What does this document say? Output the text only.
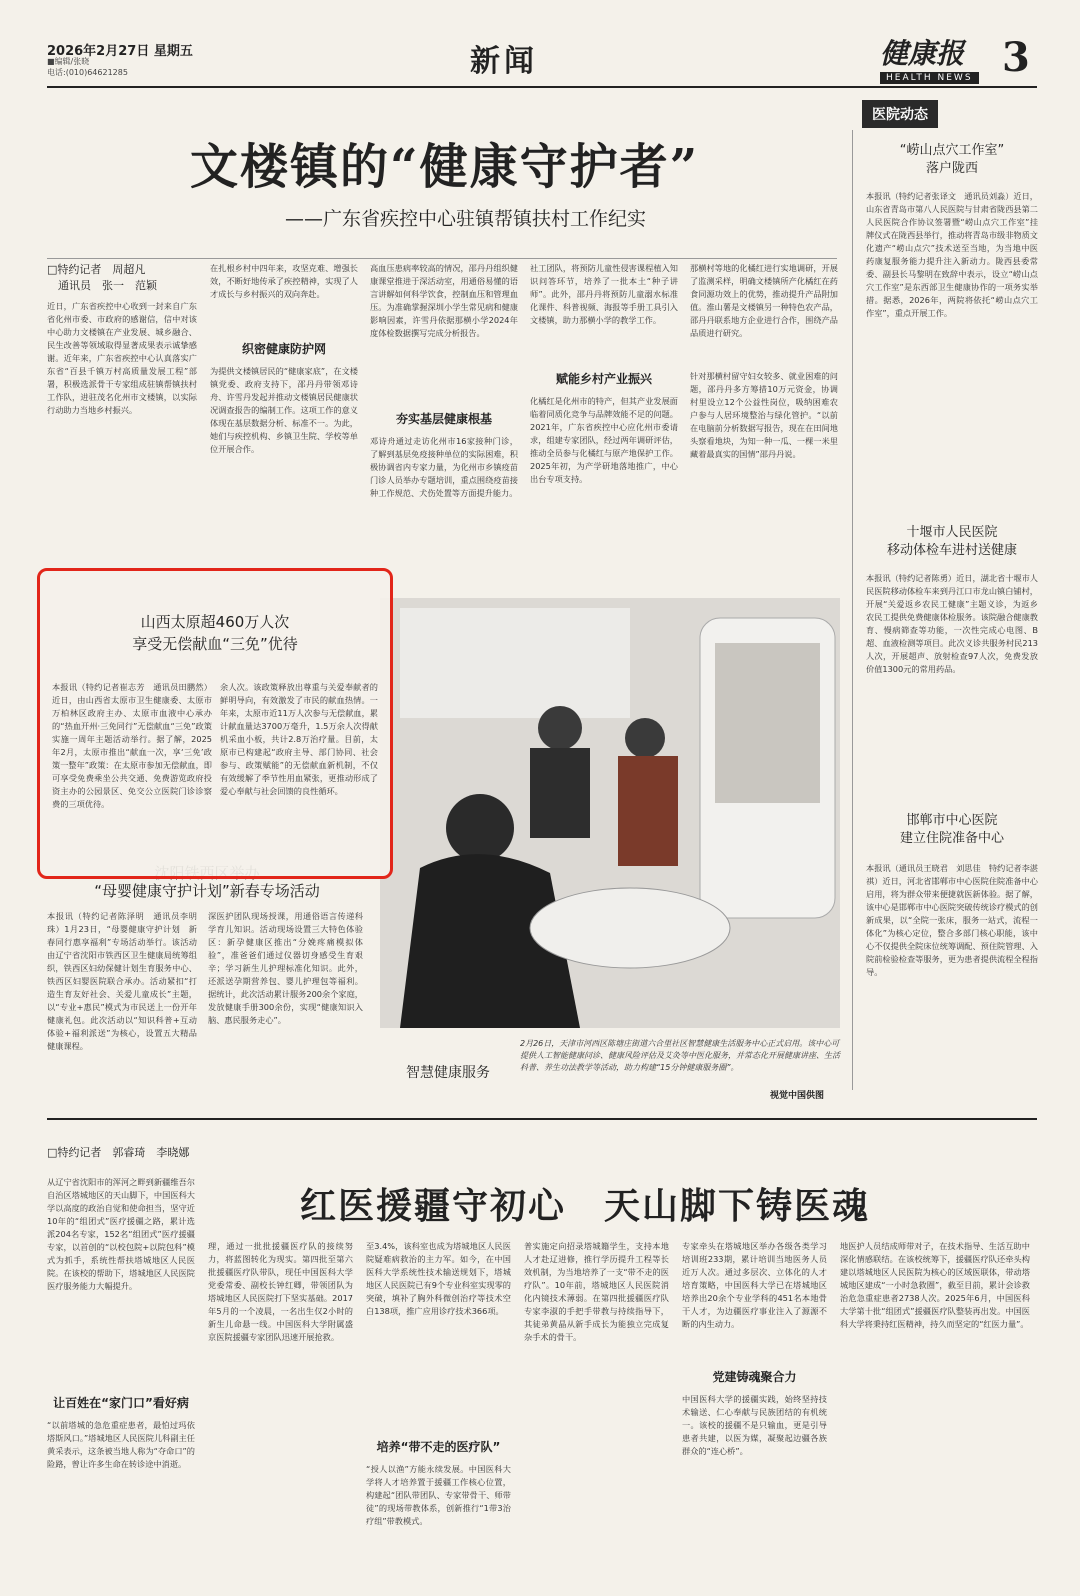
2026年2月27日 星期五
■编辑/张晓
电话:(010)64621285	新闻	健康报
HEALTH NEWS 3
医院动态
文楼镇的“健康守护者”
——广东省疾控中心驻镇帮镇扶村工作纪实
□特约记者　周超凡
　通讯员　张一　范颖
近日，广东省疾控中心收到一封来自广东省化州市委、市政府的感谢信，信中对该中心助力文楼镇在产业发展、城乡融合、民生改善等领域取得显著成果表示诚挚感谢。近年来，广东省疾控中心认真落实广东省“百县千镇万村高质量发展工程”部署，积极选派骨干专家组成驻镇帮镇扶村工作队，进驻茂名化州市文楼镇，以实际行动助力当地乡村振兴。
在扎根乡村中四年来，攻坚克难、增强长效，不断好地传承了疾控精神，实现了人才成长与乡村振兴的双向奔赴。
织密健康防护网
为提供文楼镇居民的“健康家底”，在文楼镇党委、政府支持下，邵丹丹带领邓诗舟、许雪丹发起并推动文楼镇居民健康状况调查报告的编制工作。这项工作的意义体现在基层数据分析、标准不一。为此，她们与疾控机构、乡镇卫生院、学校等单位开展合作。
高血压患病率较高的情况，邵丹丹组织健康课堂推进于深活动室，用通俗易懂的语言讲解如何科学饮食，控制血压和管理血压。为准确掌握深圳小学生常见病和健康影响因素，许雪丹依据那横小学2024年度体检数据撰写完成分析报告。
夯实基层健康根基
邓诗舟通过走访化州市16家接种门诊，了解到基层免疫接种单位的实际困难，积极协调省内专家力量，为化州市乡镇疫苗门诊人员举办专题培训，重点围绕疫苗接种工作规范、犬伤处置等方面提升能力。
社工团队，将预防儿童性侵害课程植入知识问答环节，培养了一批本土“种子讲师”。此外，邵丹丹将预防儿童溺水标准化课件、科普视频、海报等手册工具引入文楼镇，助力那横小学的教学工作。
赋能乡村产业振兴
化橘红是化州市的特产，但其产业发展面临着同质化竞争与品牌效能不足的问题。2021年，广东省疾控中心应化州市委请求，组建专家团队，经过两年调研评估，推动全员参与化橘红与原产地保护工作。2025年初，为产学研地落地推广，中心出台专项支持。
那横村等地的化橘红进行实地调研，开展了监测采样，明确文楼镇所产化橘红在药食同源功效上的优势，推动提升产品附加值。淮山薯是文楼镇另一种特色农产品，邵丹丹联系地方企业进行合作，围绕产品品质进行研究。
针对那横村留守妇女较多、就业困难的问题，邵丹丹多方筹措10万元资金，协调村里设立12个公益性岗位，吸纳困难农户参与人居环境整治与绿化管护。“以前在电脑前分析数据写报告，现在在田间地头察看地块，为知一种一瓜、一棵一米里藏着最真实的国情”邵丹丹说。
“崂山点穴工作室”
落户陇西
本报讯（特约记者张译文　通讯员刘淼）近日，山东省青岛市第八人民医院与甘肃省陇西县第二人民医院合作协议签署暨“崂山点穴工作室”挂牌仪式在陇西县举行，推动将青岛市级非物质文化遗产“崂山点穴”技术送至当地，为当地中医药康复服务能力提升注入新动力。陇西县委常委、副县长马黎明在致辞中表示，设立“崂山点穴工作室”是东西部卫生健康协作的一项务实举措。据悉，2026年，两院将依托“崂山点穴工作室”，重点开展工作。
十堰市人民医院
移动体检车进村送健康
本报讯（特约记者陈勇）近日，湖北省十堰市人民医院移动体检车来到丹江口市龙山镇白铺村，开展“关爱返乡农民工健康”主题义诊，为返乡农民工提供免费健康体检服务。该院融合健康教育、慢病筛查等功能，一次性完成心电图、B超、血液检测等项目。此次义诊共服务村民213人次，开展超声、放射检查97人次，免费发放价值1300元的常用药品。
邯郸市中心医院
建立住院准备中心
本报讯（通讯员王晓君　刘思佳　特约记者李湛祺）近日，河北省邯郸市中心医院住院准备中心启用，将为群众带来便捷就医新体验。据了解，该中心是邯郸市中心医院突破传统诊疗模式的创新成果，以“全院一张床，服务一站式，流程一体化”为核心定位，整合多部门核心职能，该中心不仅提供全院床位统筹调配、预住院管理、入院前检验检查等服务，更为患者提供流程全程指导。
2月26日，天津市河西区陈塘庄街道六合里社区智慧健康生活服务中心正式启用。该中心可提供人工智能健康问诊、健康风险评估及艾灸等中医化服务，并常态化开展健康讲座、生活科普、养生功法教学等活动，助力构建“15分钟健康服务圈”。
智慧健康服务
视觉中国供图
“母婴健康守护计划”新春专场活动
本报讯（特约记者陈泽明　通讯员李明珠）1月23日，“母婴健康守护计划　新春同行惠享福利”专场活动举行。该活动由辽宁省沈阳市铁西区卫生健康局统筹组织，铁西区妇幼保健计划生育服务中心、铁西区妇婴医院联合承办。活动紧扣“打造生育友好社会、关爱儿童成长”主题，以“专业+惠民”模式为市民送上一份开年健康礼包。此次活动以“知识科普+互动体验+福利派送”为核心，设置五大精品健康课程。
深医护团队现场授课，用通俗语言传递科学育儿知识。活动现场设置三大特色体验区：新孕健康区推出“分娩疼痛模拟体验”，准爸爸们通过仪器切身感受生育艰辛；学习新生儿护理标准化知识。此外，还派送孕期营养包、婴儿护理包等福利。据统计，此次活动累计服务200余个家庭，发放健康手册300余份，实现“健康知识入脑、惠民服务走心”。
山西太原超460万人次
享受无偿献血“三免”优待
本报讯（特约记者崔志芳　通讯员田鹏然）近日，由山西省太原市卫生健康委、太原市万柏林区政府主办、太原市血液中心承办的“热血开州·三免同行”无偿献血“三免”政策实施一周年主题活动举行。据了解，2025年2月，太原市推出“献血一次，享‘三免’政策一整年”政策：在太原市参加无偿献血，即可享受免费乘坐公共交通、免费游览政府投资主办的公园景区、免交公立医院门诊诊察费的三项优待。
余人次。该政策释放出尊重与关爱奉献者的鲜明导向，有效激发了市民的献血热情。一年来，太原市近11万人次参与无偿献血，累计献血量达3700万毫升，1.5万余人次得献机采血小板，共计2.8万治疗量。目前，太原市已构建起“政府主导、部门协同、社会参与、政策赋能”的无偿献血新机制，不仅有效缓解了季节性用血紧张，更推动形成了爱心奉献与社会回馈的良性循环。
□特约记者　郭睿琦　李晓娜
红医援疆守初心　天山脚下铸医魂
从辽宁省沈阳市的浑河之畔到新疆维吾尔自治区塔城地区的天山脚下，中国医科大学以高度的政治自觉和使命担当，坚守近10年的“组团式”医疗援疆之路，累计选派204名专家，152名“组团式”医疗援疆专家，以首创的“以校包院+以院包科”模式为抓手，系统性帮扶塔城地区人民医院。在该校的帮助下，塔城地区人民医院医疗服务能力大幅提升。
让百姓在“家门口”看好病
“以前塔城的急危重症患者，最怕过玛依塔斯风口。”塔城地区人民医院儿科副主任黄采表示，这条被当地人称为“夺命口”的险路，曾让许多生命在转诊途中消逝。
理，通过一批批援疆医疗队的接续努力，将蓝图转化为现实。第四批至第六批援疆医疗队带队，现任中国医科大学党委常委、副校长钟红卿，带领团队为塔城地区人民医院打下坚实基础。2017年5月的一个凌晨，一名出生仅2小时的新生儿命悬一线。中国医科大学附属盛京医院援疆专家团队迅速开展抢救。
至3.4%，该科室也成为塔城地区人民医院疑难病救治的主力军。如今，在中国医科大学系统性技术输送规划下，塔城地区人民医院已有9个专业科室实现零的突破，填补了胸外科微创治疗等技术空白138项，推广应用诊疗技术366项。
培养“带不走的医疗队”
“授人以渔”方能永续发展。中国医科大学将人才培养置于援疆工作核心位置，构建起“团队带团队、专家带骨干、师带徒”的现场带教体系，创新推行“1带3治疗组”带教模式。
普实施定向招录塔城籍学生，支持本地人才赴辽进修，推行学历提升工程等长效机制，为当地培养了一支“带不走的医疗队”。10年前，塔城地区人民医院消化内镜技术薄弱。在第四批援疆医疗队专家李淑的手把手带教与持续指导下，其徒弟黄晶从新手成长为能独立完成复杂手术的骨干。
专家牵头在塔城地区举办各级各类学习培训班233期，累计培训当地医务人员近万人次。通过多层次、立体化的人才培育策略，中国医科大学已在塔城地区培养出20余个专业学科的451名本地骨干人才，为边疆医疗事业注入了源源不断的内生动力。
党建铸魂聚合力
中国医科大学的援疆实践，始终坚持技术输送、仁心奉献与民族团结的有机统一。该校的援疆不是只输血，更是引导患者共建，以医为媒，凝聚起边疆各族群众的“连心桥”。
地医护人员结成师带对子，在技术指导、生活互助中深化情感联结。在该校统筹下，援疆医疗队还牵头构建以塔城地区人民医院为核心的区域医联体，带动塔城地区建成“一小时急救圈”，截至目前，累计会诊救治危急重症患者2738人次。2025年6月，中国医科大学第十批“组团式”援疆医疗队整装再出发。中国医科大学将秉持红医精神，持久而坚定的“红医力量”。
